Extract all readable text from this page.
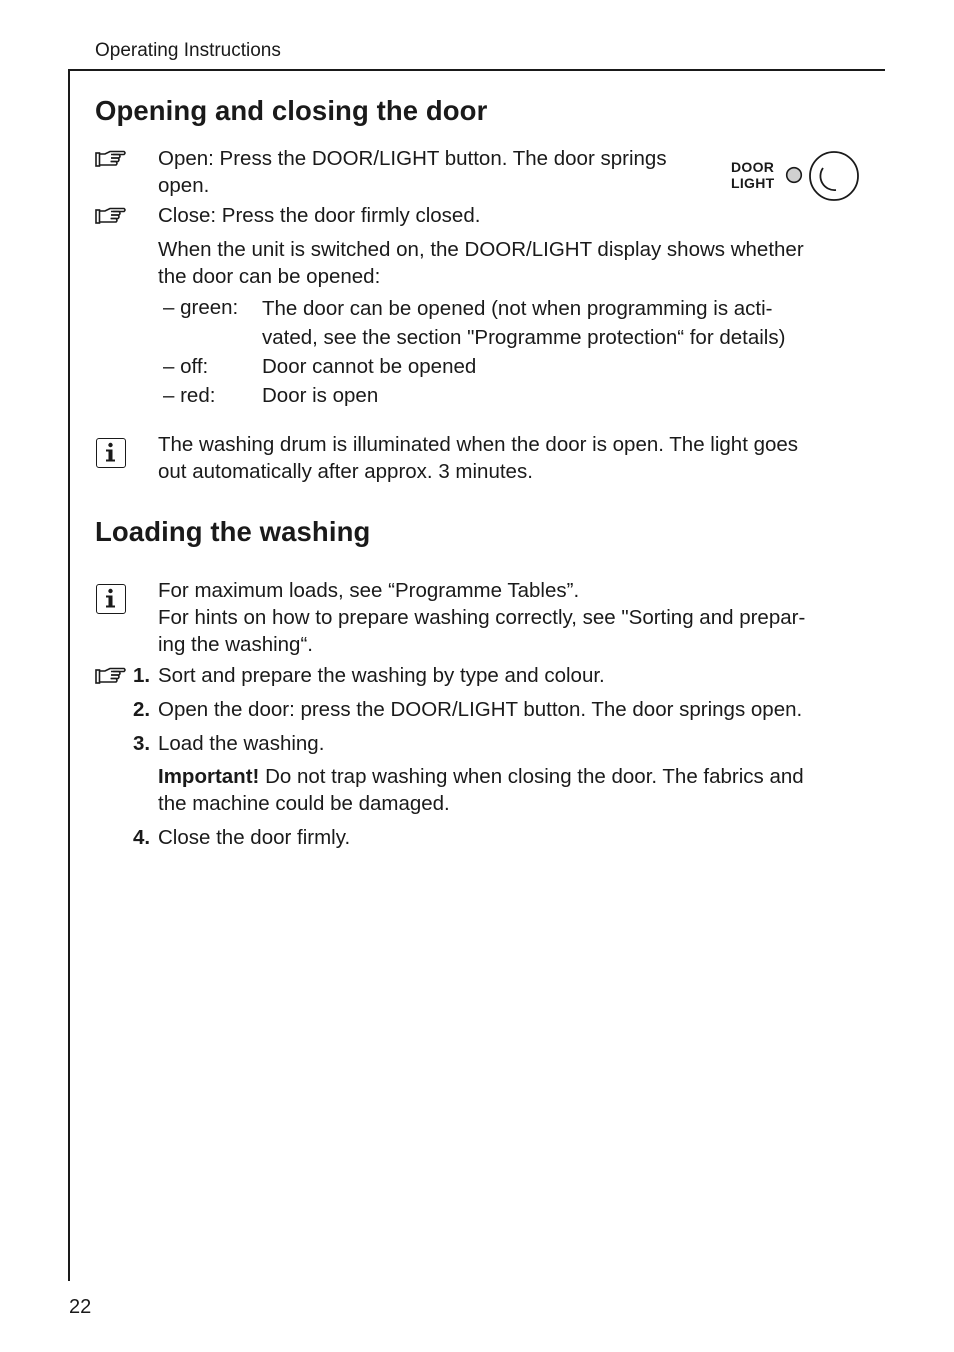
Operating Instructions
Opening and closing the door
Open: Press the DOOR/LIGHT button. The door springs
open.
DOOR
LIGHT
Close: Press the door firmly closed.
When the unit is switched on, the DOOR/LIGHT display shows whether
the door can be opened:
– green: The door can be opened (not when programming is acti-
vated, see the section "Programme protection“ for details)
– off:	Door cannot be opened
– red: Door is open
The washing drum is illuminated when the door is open. The light goes
out automatically after approx. 3 minutes.
Loading the washing
For maximum loads, see “Programme Tables”.
For hints on how to prepare washing correctly, see "Sorting and prepar-
ing the washing“.
1. Sort and prepare the washing by type and colour.
2. Open the door: press the DOOR/LIGHT button. The door springs open.
3. Load the washing.
Important! Do not trap washing when closing the door. The fabrics and
the machine could be damaged.
4. Close the door firmly.
22
